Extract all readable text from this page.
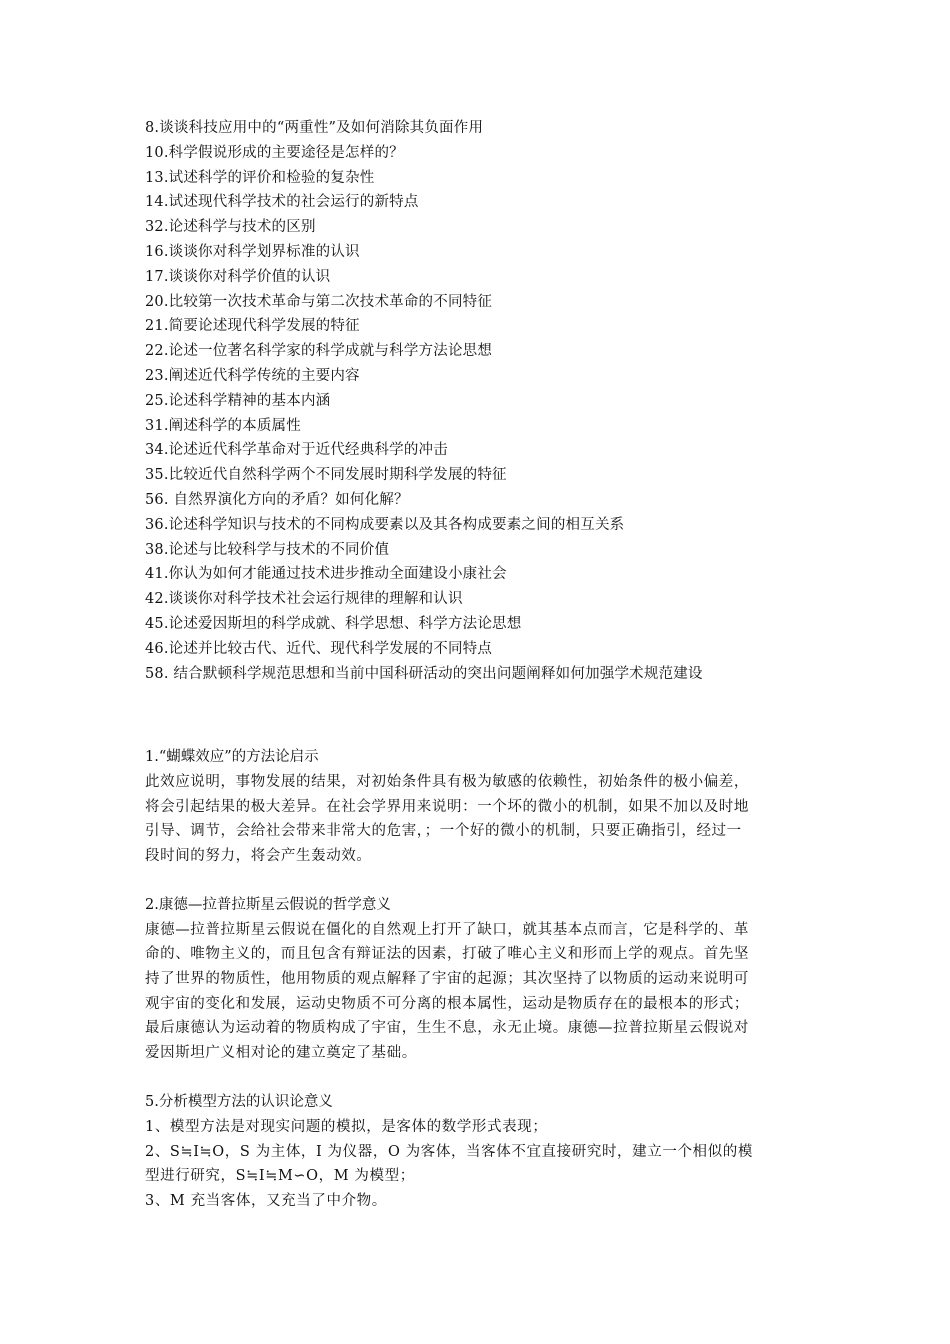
8.谈谈科技应用中的“两重性”及如何消除其负面作用
10.科学假说形成的主要途径是怎样的？
13.试述科学的评价和检验的复杂性
14.试述现代科学技术的社会运行的新特点
32.论述科学与技术的区别
16.谈谈你对科学划界标准的认识
17.谈谈你对科学价值的认识
20.比较第一次技术革命与第二次技术革命的不同特征
21.简要论述现代科学发展的特征
22.论述一位著名科学家的科学成就与科学方法论思想
23.阐述近代科学传统的主要内容
25.论述科学精神的基本内涵
31.阐述科学的本质属性
34.论述近代科学革命对于近代经典科学的冲击
35.比较近代自然科学两个不同发展时期科学发展的特征
56. 自然界演化方向的矛盾？如何化解？
36.论述科学知识与技术的不同构成要素以及其各构成要素之间的相互关系
38.论述与比较科学与技术的不同价值
41.你认为如何才能通过技术进步推动全面建设小康社会
42.谈谈你对科学技术社会运行规律的理解和认识
45.论述爱因斯坦的科学成就、科学思想、科学方法论思想
46.论述并比较古代、近代、现代科学发展的不同特点
58. 结合默顿科学规范思想和当前中国科研活动的突出问题阐释如何加强学术规范建设
1.“蝴蝶效应”的方法论启示
此效应说明，事物发展的结果，对初始条件具有极为敏感的依赖性，初始条件的极小偏差，
将会引起结果的极大差异。在社会学界用来说明：一个坏的微小的机制，如果不加以及时地
引导、调节，会给社会带来非常大的危害，；一个好的微小的机制，只要正确指引，经过一
段时间的努力，将会产生轰动效。
2.康德—拉普拉斯星云假说的哲学意义
康德—拉普拉斯星云假说在僵化的自然观上打开了缺口，就其基本点而言，它是科学的、革
命的、唯物主义的，而且包含有辩证法的因素，打破了唯心主义和形而上学的观点。首先坚
持了世界的物质性，他用物质的观点解释了宇宙的起源；其次坚持了以物质的运动来说明可
观宇宙的变化和发展，运动史物质不可分离的根本属性，运动是物质存在的最根本的形式；
最后康德认为运动着的物质构成了宇宙，生生不息，永无止境。康德—拉普拉斯星云假说对
爱因斯坦广义相对论的建立奠定了基础。
5.分析模型方法的认识论意义
1、模型方法是对现实问题的模拟，是客体的数学形式表现；
2、S≒I≒O，S 为主体，I 为仪器，O 为客体，当客体不宜直接研究时，建立一个相似的模
型进行研究，S≒I≒M∽O，M 为模型；
3、M 充当客体，又充当了中介物。
